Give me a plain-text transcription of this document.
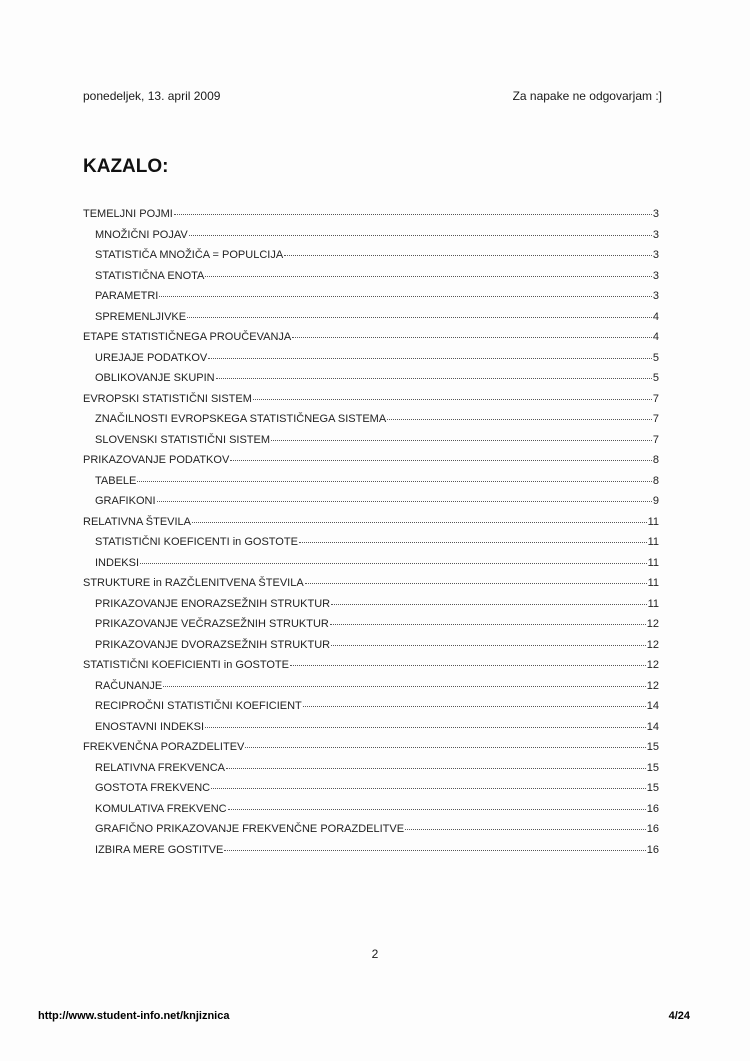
ponedeljek, 13. april 2009	Za napake ne odgovarjam :]
KAZALO:
TEMELJNI POJMI	3
MNOŽIČNI POJAV	3
STATISTIČA MNOŽIČA = POPULCIJA	3
STATISTIČNA ENOTA	3
PARAMETRI	3
SPREMENLJIVKE	4
ETAPE STATISTIČNEGA PROUČEVANJA	4
UREJAJE PODATKOV	5
OBLIKOVANJE SKUPIN	5
EVROPSKI STATISTIČNI SISTEM	7
ZNAČILNOSTI EVROPSKEGA STATISTIČNEGA SISTEMA	7
SLOVENSKI STATISTIČNI SISTEM	7
PRIKAZOVANJE PODATKOV	8
TABELE	8
GRAFIKONI	9
RELATIVNA ŠTEVILA	11
STATISTIČNI KOEFICENTI in GOSTOTE	11
INDEKSI	11
STRUKTURE in RAZČLENITVENA ŠTEVILA	11
PRIKAZOVANJE ENORAZSEŽNIH STRUKTUR	11
PRIKAZOVANJE VEČRAZSEŽNIH STRUKTUR	12
PRIKAZOVANJE DVORAZSEŽNIH STRUKTUR	12
STATISTIČNI KOEFICIENTI in GOSTOTE	12
RAČUNANJE	12
RECIPROČNI STATISTIČNI KOEFICIENT	14
ENOSTAVNI INDEKSI	14
FREKVENČNA PORAZDELITEV	15
RELATIVNA FREKVENCA	15
GOSTOTA FREKVENC	15
KOMULATIVA FREKVENC	16
GRAFIČNO PRIKAZOVANJE FREKVENČNE PORAZDELITVE	16
IZBIRA MERE GOSTITVE	16
2
http://www.student-info.net/knjiznica	4/24
